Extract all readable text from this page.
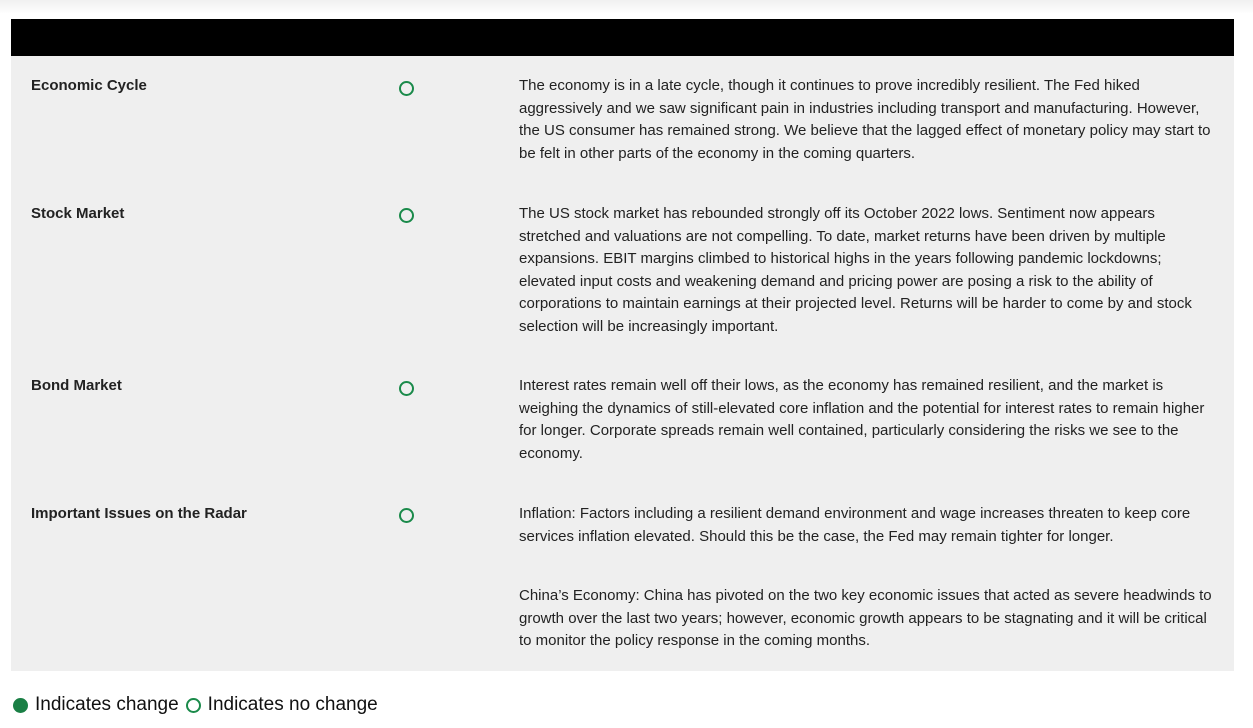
Economic Cycle	The economy is in a late cycle, though it continues to prove incredibly resilient. The Fed hiked aggressively and we saw significant pain in industries including transport and manufacturing. However, the US consumer has remained strong. We believe that the lagged effect of monetary policy may start to be felt in other parts of the economy in the coming quarters.
Stock Market	The US stock market has rebounded strongly off its October 2022 lows. Sentiment now appears stretched and valuations are not compelling. To date, market returns have been driven by multiple expansions. EBIT margins climbed to historical highs in the years following pandemic lockdowns; elevated input costs and weakening demand and pricing power are posing a risk to the ability of corporations to maintain earnings at their projected level. Returns will be harder to come by and stock selection will be increasingly important.
Bond Market	Interest rates remain well off their lows, as the economy has remained resilient, and the market is weighing the dynamics of still-elevated core inflation and the potential for interest rates to remain higher for longer. Corporate spreads remain well contained, particularly considering the risks we see to the economy.
Important Issues on the Radar	Inflation: Factors including a resilient demand environment and wage increases threaten to keep core services inflation elevated. Should this be the case, the Fed may remain tighter for longer.
China’s Economy: China has pivoted on the two key economic issues that acted as severe headwinds to growth over the last two years; however, economic growth appears to be stagnating and it will be critical to monitor the policy response in the coming months.
Indicates change Indicates no change
